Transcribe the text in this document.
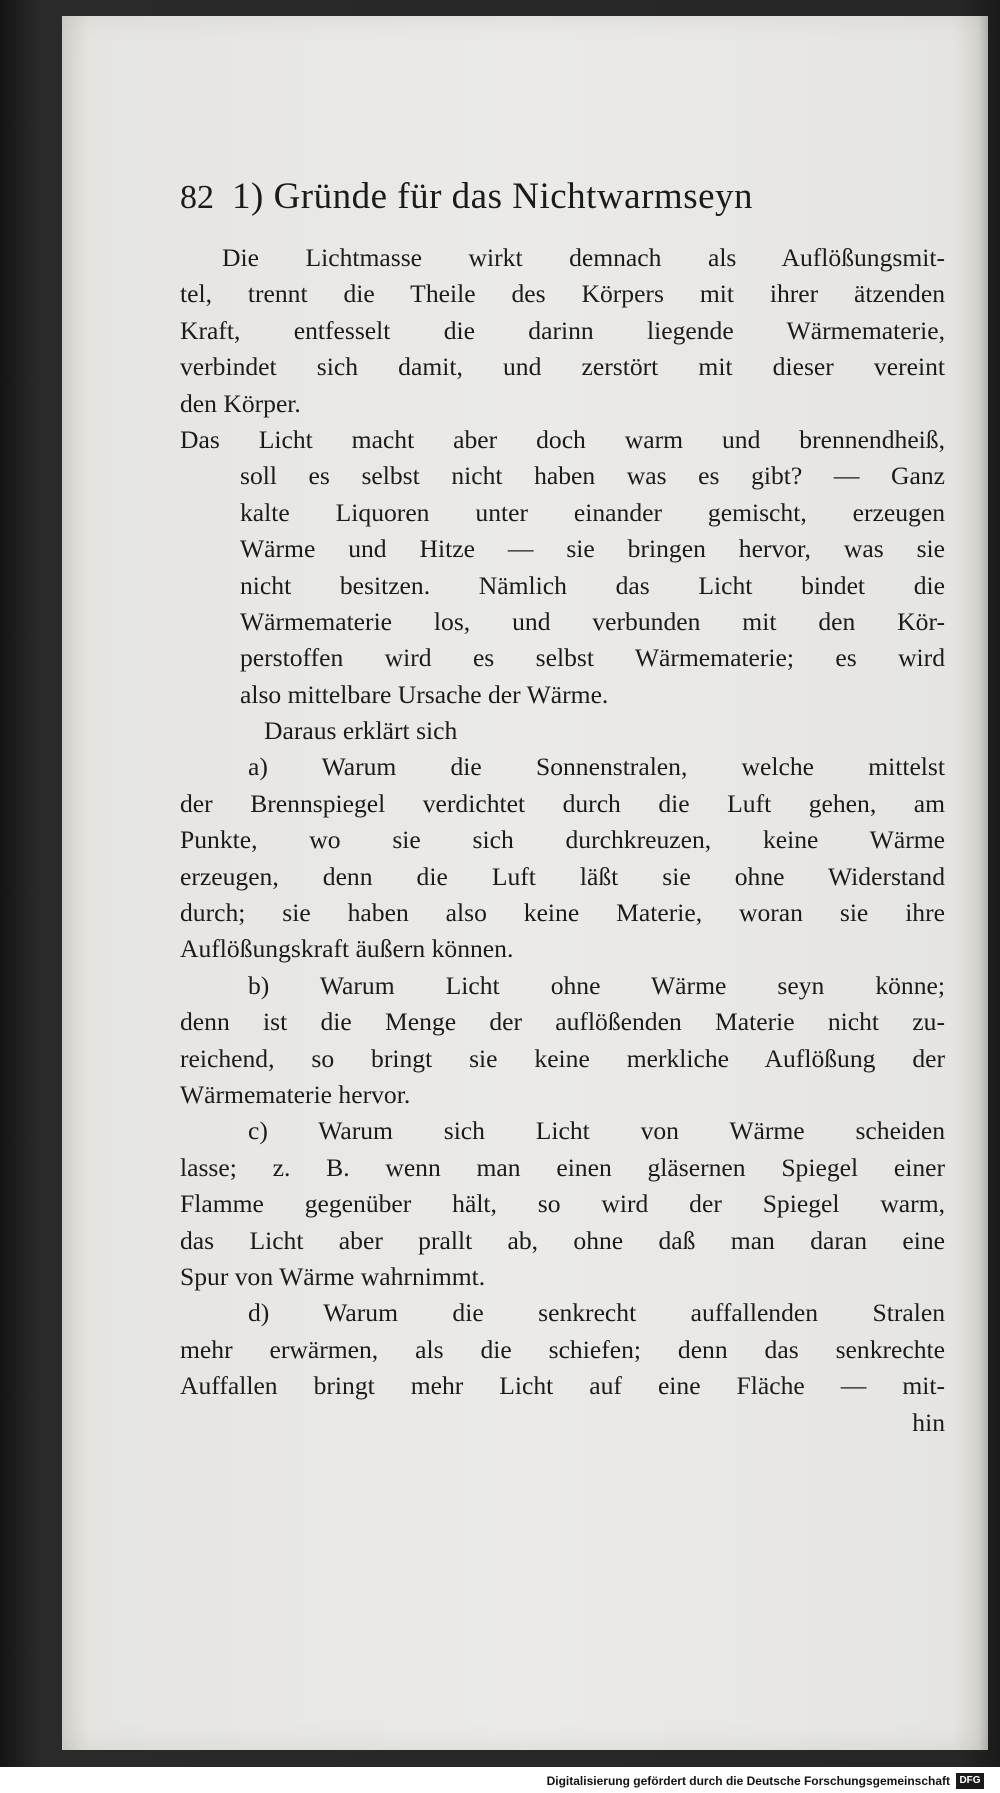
82 1) Gründe für das Nichtwarmseyn
Die Lichtmasse wirkt demnach als Auflößungsmit-
tel, trennt die Theile des Körpers mit ihrer ätzenden
Kraft, entfesselt die darinn liegende Wärmematerie,
verbindet sich damit, und zerstört mit dieser vereint
den Körper.
Das Licht macht aber doch warm und brennendheiß,
soll es selbst nicht haben was es gibt? — Ganz
kalte Liquoren unter einander gemischt, erzeugen
Wärme und Hitze — sie bringen hervor, was sie
nicht besitzen. Nämlich das Licht bindet die
Wärmematerie los, und verbunden mit den Kör-
perstoffen wird es selbst Wärmematerie; es wird
also mittelbare Ursache der Wärme.
Daraus erklärt sich
a) Warum die Sonnenstralen, welche mittelst
der Brennspiegel verdichtet durch die Luft gehen, am
Punkte, wo sie sich durchkreuzen, keine Wärme
erzeugen, denn die Luft läßt sie ohne Widerstand
durch; sie haben also keine Materie, woran sie ihre
Auflößungskraft äußern können.
b) Warum Licht ohne Wärme seyn könne;
denn ist die Menge der auflößenden Materie nicht zu-
reichend, so bringt sie keine merkliche Auflößung der
Wärmematerie hervor.
c) Warum sich Licht von Wärme scheiden
lasse; z. B. wenn man einen gläsernen Spiegel einer
Flamme gegenüber hält, so wird der Spiegel warm,
das Licht aber prallt ab, ohne daß man daran eine
Spur von Wärme wahrnimmt.
d) Warum die senkrecht auffallenden Stralen
mehr erwärmen, als die schiefen; denn das senkrechte
Auffallen bringt mehr Licht auf eine Fläche — mit-
hin
Digitalisierung gefördert durch die Deutsche Forschungsgemeinschaft DFG
